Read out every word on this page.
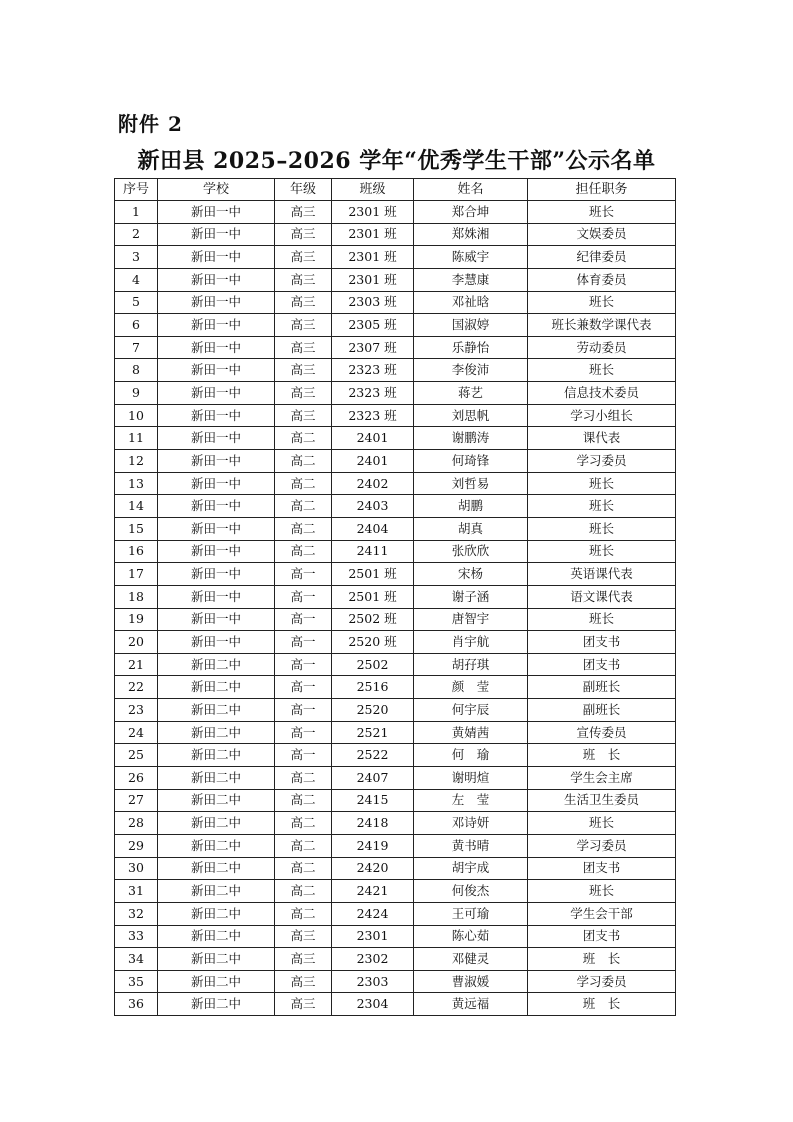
附件 2
新田县 2025–2026 学年“优秀学生干部”公示名单
序号	学校	年级	班级	姓名	担任职务
1	新田一中	高三	2301 班	郑合坤	班长
2	新田一中	高三	2301 班	郑姝湘	文娱委员
3	新田一中	高三	2301 班	陈威宇	纪律委员
4	新田一中	高三	2301 班	李慧康	体育委员
5	新田一中	高三	2303 班	邓祉晗	班长
6	新田一中	高三	2305 班	国淑婷	班长兼数学课代表
7	新田一中	高三	2307 班	乐静怡	劳动委员
8	新田一中	高三	2323 班	李俊沛	班长
9	新田一中	高三	2323 班	蒋艺	信息技术委员
10	新田一中	高三	2323 班	刘思帆	学习小组长
11	新田一中	高二	2401	谢鹏涛	课代表
12	新田一中	高二	2401	何琦锋	学习委员
13	新田一中	高二	2402	刘哲易	班长
14	新田一中	高二	2403	胡鹏	班长
15	新田一中	高二	2404	胡真	班长
16	新田一中	高二	2411	张欣欣	班长
17	新田一中	高一	2501 班	宋杨	英语课代表
18	新田一中	高一	2501 班	谢子涵	语文课代表
19	新田一中	高一	2502 班	唐智宇	班长
20	新田一中	高一	2520 班	肖宇航	团支书
21	新田二中	高一	2502	胡孖琪	团支书
22	新田二中	高一	2516	颜　莹	副班长
23	新田二中	高一	2520	何宇辰	副班长
24	新田二中	高一	2521	黄婧茜	宣传委员
25	新田二中	高一	2522	何　瑜	班　长
26	新田二中	高二	2407	谢明煊	学生会主席
27	新田二中	高二	2415	左　莹	生活卫生委员
28	新田二中	高二	2418	邓诗妍	班长
29	新田二中	高二	2419	黄书晴	学习委员
30	新田二中	高二	2420	胡宇成	团支书
31	新田二中	高二	2421	何俊杰	班长
32	新田二中	高二	2424	王可瑜	学生会干部
33	新田二中	高三	2301	陈心茹	团支书
34	新田二中	高三	2302	邓健灵	班　长
35	新田二中	高三	2303	曹淑媛	学习委员
36	新田二中	高三	2304	黄远福	班　长
